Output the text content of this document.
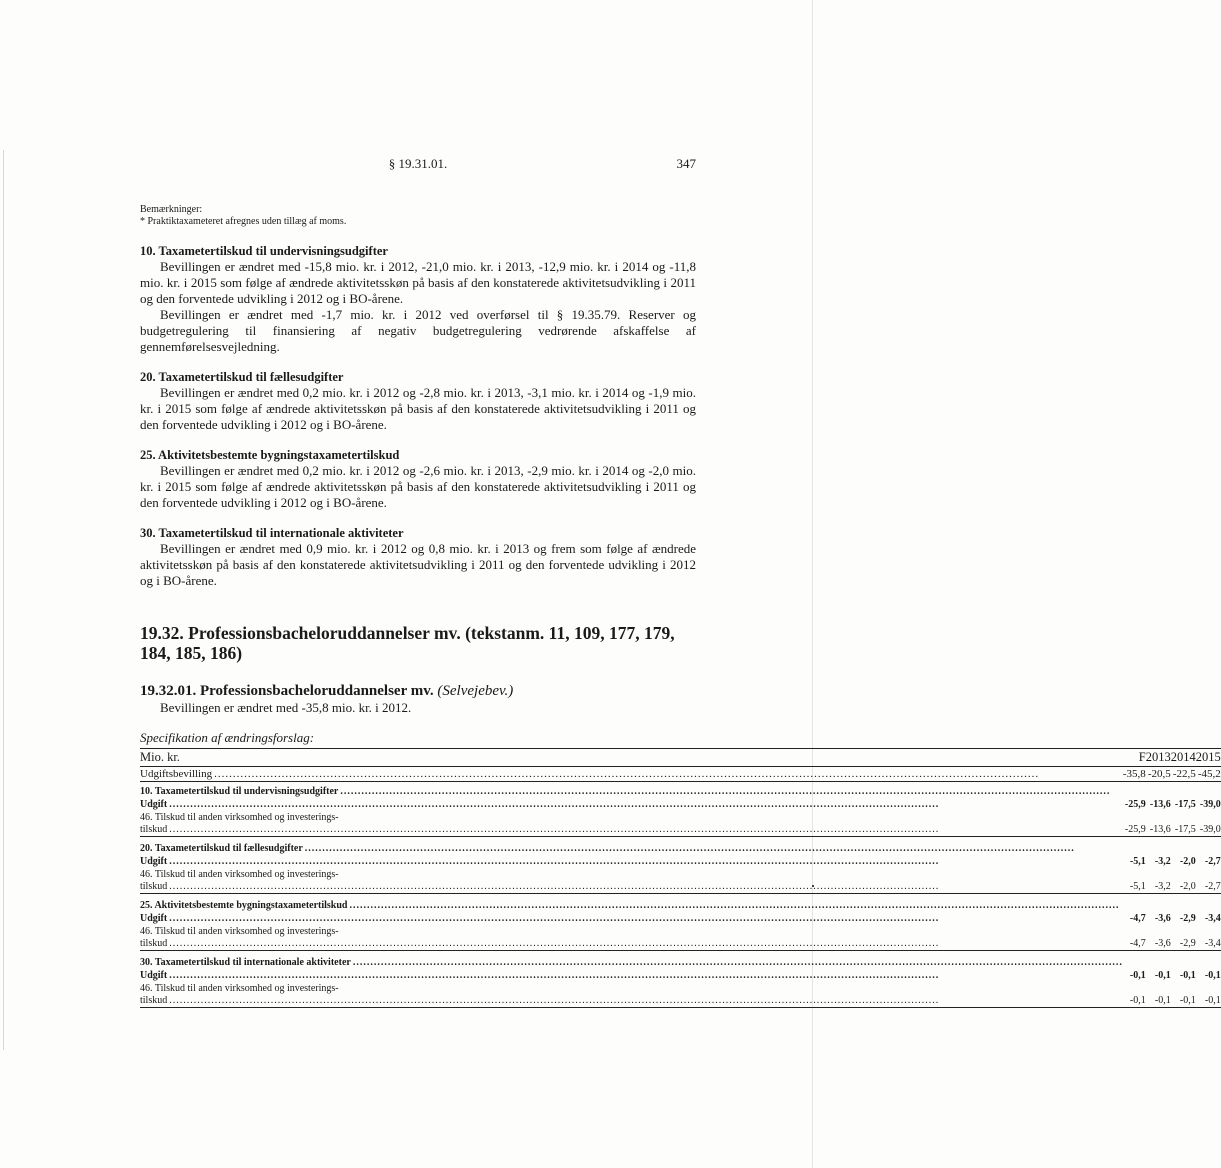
§ 19.31.01.	347
Bemærkninger:
* Praktiktaxameteret afregnes uden tillæg af moms.
10. Taxametertilskud til undervisningsudgifter

Bevillingen er ændret med -15,8 mio. kr. i 2012, -21,0 mio. kr. i 2013, -12,9 mio. kr. i 2014 og -11,8 mio. kr. i 2015 som følge af ændrede aktivitetsskøn på basis af den konstaterede aktivitetsudvikling i 2011 og den forventede udvikling i 2012 og i BO-årene.

Bevillingen er ændret med -1,7 mio. kr. i 2012 ved overførsel til § 19.35.79. Reserver og budgetregulering til finansiering af negativ budgetregulering vedrørende afskaffelse af gennemførelsesvejledning.

20. Taxametertilskud til fællesudgifter

Bevillingen er ændret med 0,2 mio. kr. i 2012 og -2,8 mio. kr. i 2013, -3,1 mio. kr. i 2014 og -1,9 mio. kr. i 2015 som følge af ændrede aktivitetsskøn på basis af den konstaterede aktivitetsudvikling i 2011 og den forventede udvikling i 2012 og i BO-årene.

25. Aktivitetsbestemte bygningstaxametertilskud

Bevillingen er ændret med 0,2 mio. kr. i 2012 og -2,6 mio. kr. i 2013, -2,9 mio. kr. i 2014 og -2,0 mio. kr. i 2015 som følge af ændrede aktivitetsskøn på basis af den konstaterede aktivitetsudvikling i 2011 og den forventede udvikling i 2012 og i BO-årene.

30. Taxametertilskud til internationale aktiviteter

Bevillingen er ændret med 0,9 mio. kr. i 2012 og 0,8 mio. kr. i 2013 og frem som følge af ændrede aktivitetsskøn på basis af den konstaterede aktivitetsudvikling i 2011 og den forventede udvikling i 2012 og i BO-årene.

19.32. Professionsbacheloruddannelser mv. (tekstanm. 11, 109, 177, 179, 184, 185, 186)
19.32.01. Professionsbacheloruddannelser mv. (Selvejebev.)

Bevillingen er ændret med -35,8 mio. kr. i 2012.

Specifikation af ændringsforslag:
Mio. kr.	F	2013	2014	2015

Udgiftsbevilling
.....	-35,8	-20,5	-22,5	-45,2

10. Taxametertilskud til undervisningsudgifter
.....

Udgift
.....	-25,9	-13,6	-17,5	-39,0
46. Tilskud til anden virksomhed og investerings-				

tilskud
.....	-25,9	-13,6	-17,5	-39,0

20. Taxametertilskud til fællesudgifter
.....

Udgift
.....	-5,1	-3,2	-2,0	-2,7
46. Tilskud til anden virksomhed og investerings-				

tilskud
.....	-5,1	-3,2	-2,0	-2,7

25. Aktivitetsbestemte bygningstaxametertilskud
.....

Udgift
.....	-4,7	-3,6	-2,9	-3,4
46. Tilskud til anden virksomhed og investerings-				

tilskud
.....	-4,7	-3,6	-2,9	-3,4

30. Taxametertilskud til internationale aktiviteter
.....

Udgift
.....	-0,1	-0,1	-0,1	-0,1
46. Tilskud til anden virksomhed og investerings-				

tilskud
.....	-0,1	-0,1	-0,1	-0,1
